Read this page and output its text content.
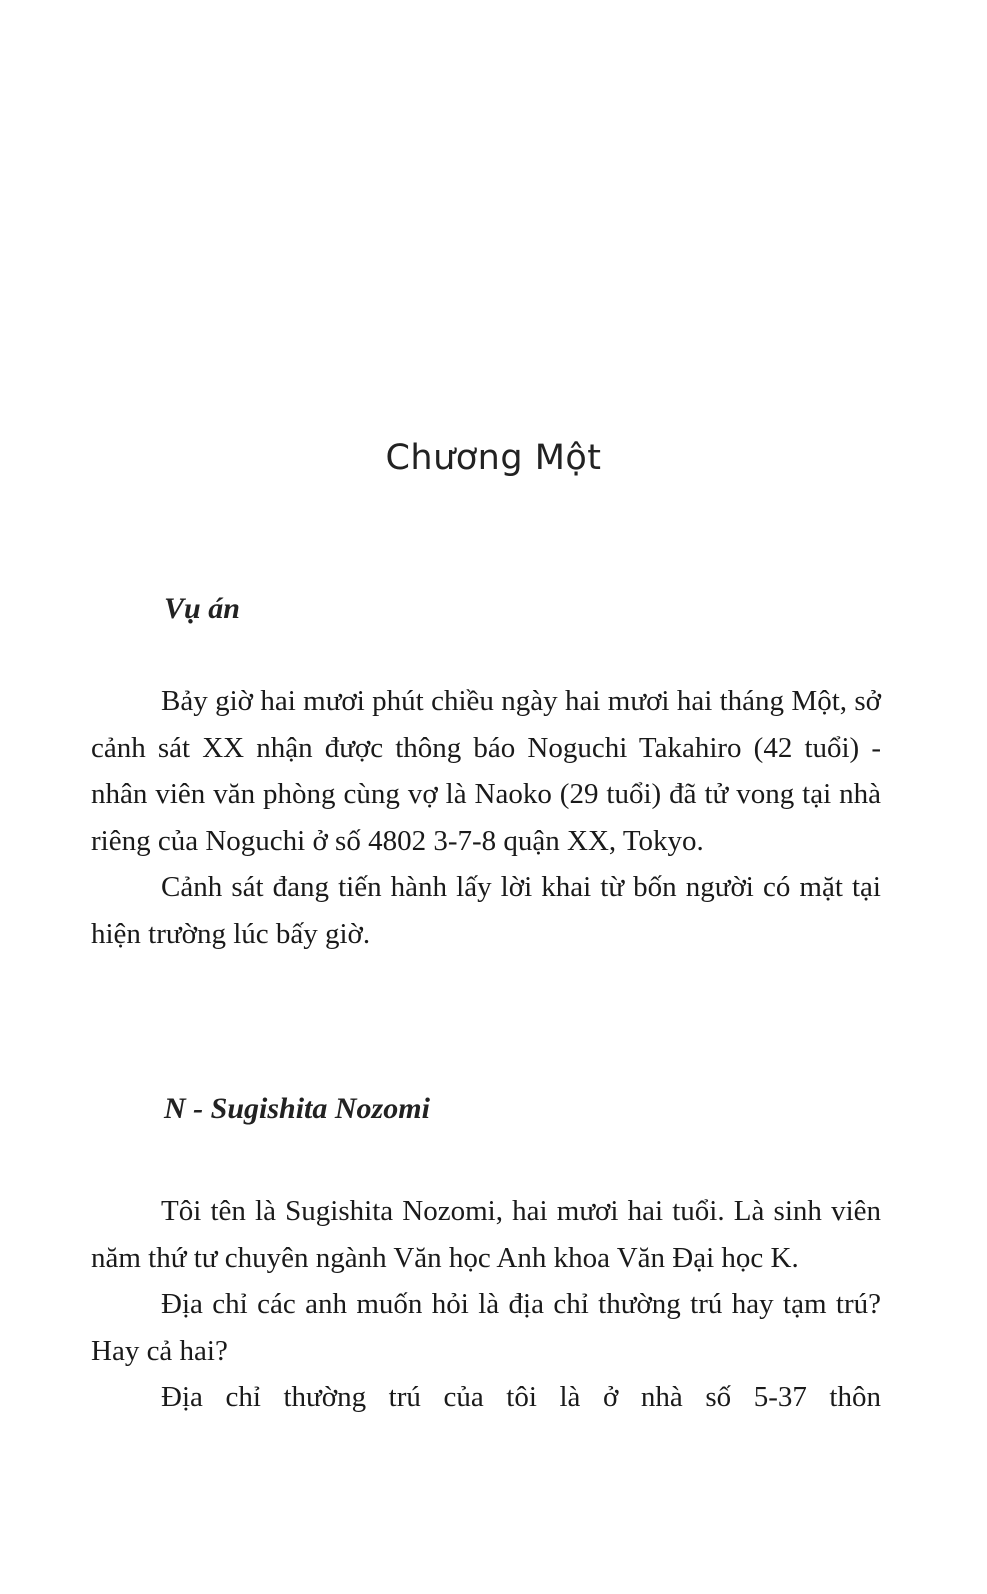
Chương Một
Vụ án

Bảy giờ hai mươi phút chiều ngày hai mươi hai tháng Một, sở cảnh sát XX nhận được thông báo Noguchi Takahiro (42 tuổi) - nhân viên văn phòng cùng vợ là Naoko (29 tuổi) đã tử vong tại nhà riêng của Noguchi ở số 4802 3-7-8 quận XX, Tokyo.

Cảnh sát đang tiến hành lấy lời khai từ bốn người có mặt tại hiện trường lúc bấy giờ.

N - Sugishita Nozomi

Tôi tên là Sugishita Nozomi, hai mươi hai tuổi. Là sinh viên năm thứ tư chuyên ngành Văn học Anh khoa Văn Đại học K.

Địa chỉ các anh muốn hỏi là địa chỉ thường trú hay tạm trú? Hay cả hai?

Địa chỉ thường trú của tôi là ở nhà số 5-37 thôn
